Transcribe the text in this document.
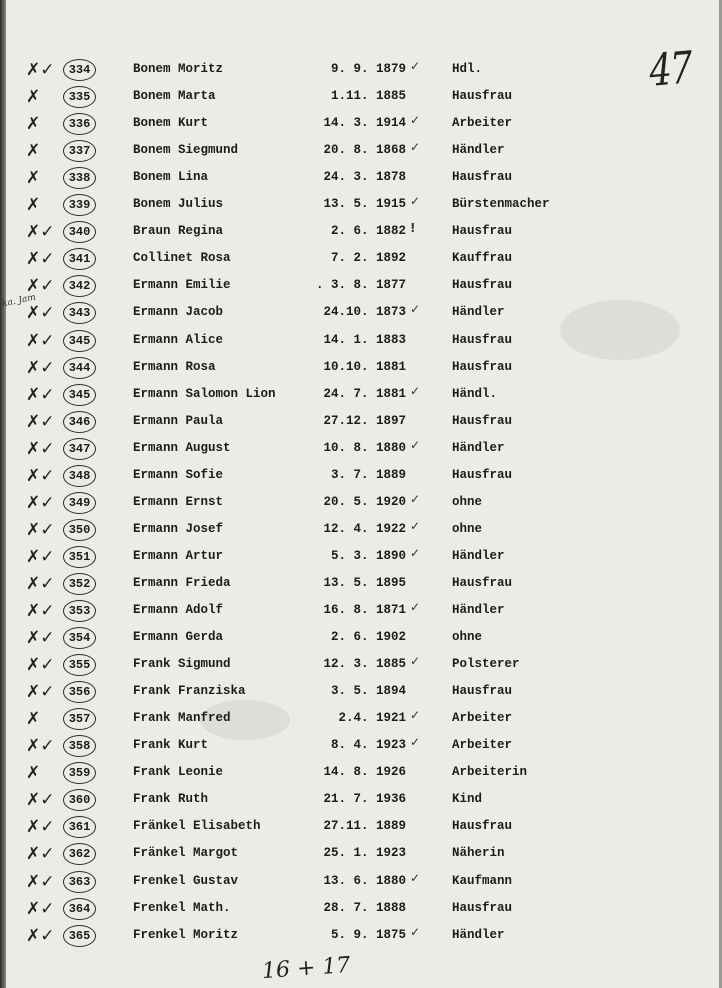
47
ka. Jam
✗✓	334	Bonem Moritz	9. 9. 1879 ✓	Hdl.
✗	335	Bonem Marta	1.11. 1885	Hausfrau
✗	336	Bonem Kurt	14. 3. 1914 ✓	Arbeiter
✗	337	Bonem Siegmund	20. 8. 1868 ✓	Händler
✗	338	Bonem Lina	24. 3. 1878	Hausfrau
✗	339	Bonem Julius	13. 5. 1915 ✓	Bürstenmacher
✗✓	340	Braun Regina	2. 6. 1882 !	Hausfrau
✗✓	341	Collinet Rosa	7. 2. 1892	Kauffrau
✗✓	342	Ermann Emilie	. 3. 8. 1877	Hausfrau
✗✓	343	Ermann Jacob	24.10. 1873 ✓	Händler
✗✓	345	Ermann Alice	14. 1. 1883	Hausfrau
✗✓	344	Ermann Rosa	10.10. 1881	Hausfrau
✗✓	345	Ermann Salomon Lion	24. 7. 1881 ✓	Händl.
✗✓	346	Ermann Paula	27.12. 1897	Hausfrau
✗✓	347	Ermann August	10. 8. 1880 ✓	Händler
✗✓	348	Ermann Sofie	3. 7. 1889	Hausfrau
✗✓	349	Ermann Ernst	20. 5. 1920 ✓	ohne
✗✓	350	Ermann Josef	12. 4. 1922 ✓	ohne
✗✓	351	Ermann Artur	5. 3. 1890 ✓	Händler
✗✓	352	Ermann Frieda	13. 5. 1895	Hausfrau
✗✓	353	Ermann Adolf	16. 8. 1871 ✓	Händler
✗✓	354	Ermann Gerda	2. 6. 1902	ohne
✗✓	355	Frank Sigmund	12. 3. 1885 ✓	Polsterer
✗✓	356	Frank Franziska	3. 5. 1894	Hausfrau
✗	357	Frank Manfred	2.4. 1921 ✓	Arbeiter
✗✓	358	Frank Kurt	8. 4. 1923 ✓	Arbeiter
✗	359	Frank Leonie	14. 8. 1926	Arbeiterin
✗✓	360	Frank Ruth	21. 7. 1936	Kind
✗✓	361	Fränkel Elisabeth	27.11. 1889	Hausfrau
✗✓	362	Fränkel Margot	25. 1. 1923	Näherin
✗✓	363	Frenkel Gustav	13. 6. 1880 ✓	Kaufmann
✗✓	364	Frenkel Math.	28. 7. 1888	Hausfrau
✗✓	365	Frenkel Moritz	5. 9. 1875 ✓	Händler
16 + 17
